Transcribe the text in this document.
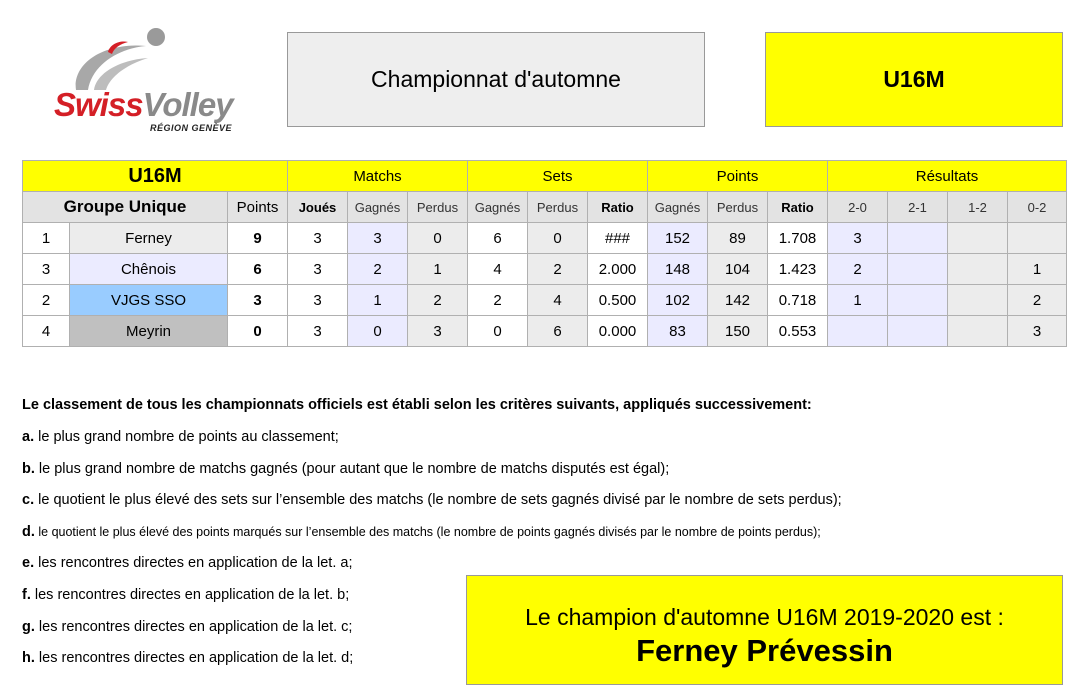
SwissVolley
RÉGION GENÈVE
Championnat d'automne	U16M
U16M			Matchs			Sets			Points			Résultats			
Groupe Unique		Points	Joués	Gagnés	Perdus	Gagnés	Perdus	Ratio	Gagnés	Perdus	Ratio	2-0	2-1	1-2	0-2
1	Ferney	9	3	3	0	6	0	###	152	89	1.708	3			
3	Chênois	6	3	2	1	4	2	2.000	148	104	1.423	2			1
2	VJGS SSO	3	3	1	2	2	4	0.500	102	142	0.718	1			2
4	Meyrin	0	3	0	3	0	6	0.000	83	150	0.553				3
Le classement de tous les championnats officiels est établi selon les critères suivants, appliqués successivement:
a. le plus grand nombre de points au classement;
b. le plus grand nombre de matchs gagnés (pour autant que le nombre de matchs disputés est égal);
c. le quotient le plus élevé des sets sur l’ensemble des matchs (le nombre de sets gagnés divisé par le nombre de sets perdus);
d. le quotient le plus élevé des points marqués sur l’ensemble des matchs (le nombre de points gagnés divisés par le nombre de points perdus);
e. les rencontres directes en application de la let. a;
f. les rencontres directes en application de la let. b;
g. les rencontres directes en application de la let. c;
h. les rencontres directes en application de la let. d;
Le champion d'automne U16M 2019-2020 est :
Ferney Prévessin
